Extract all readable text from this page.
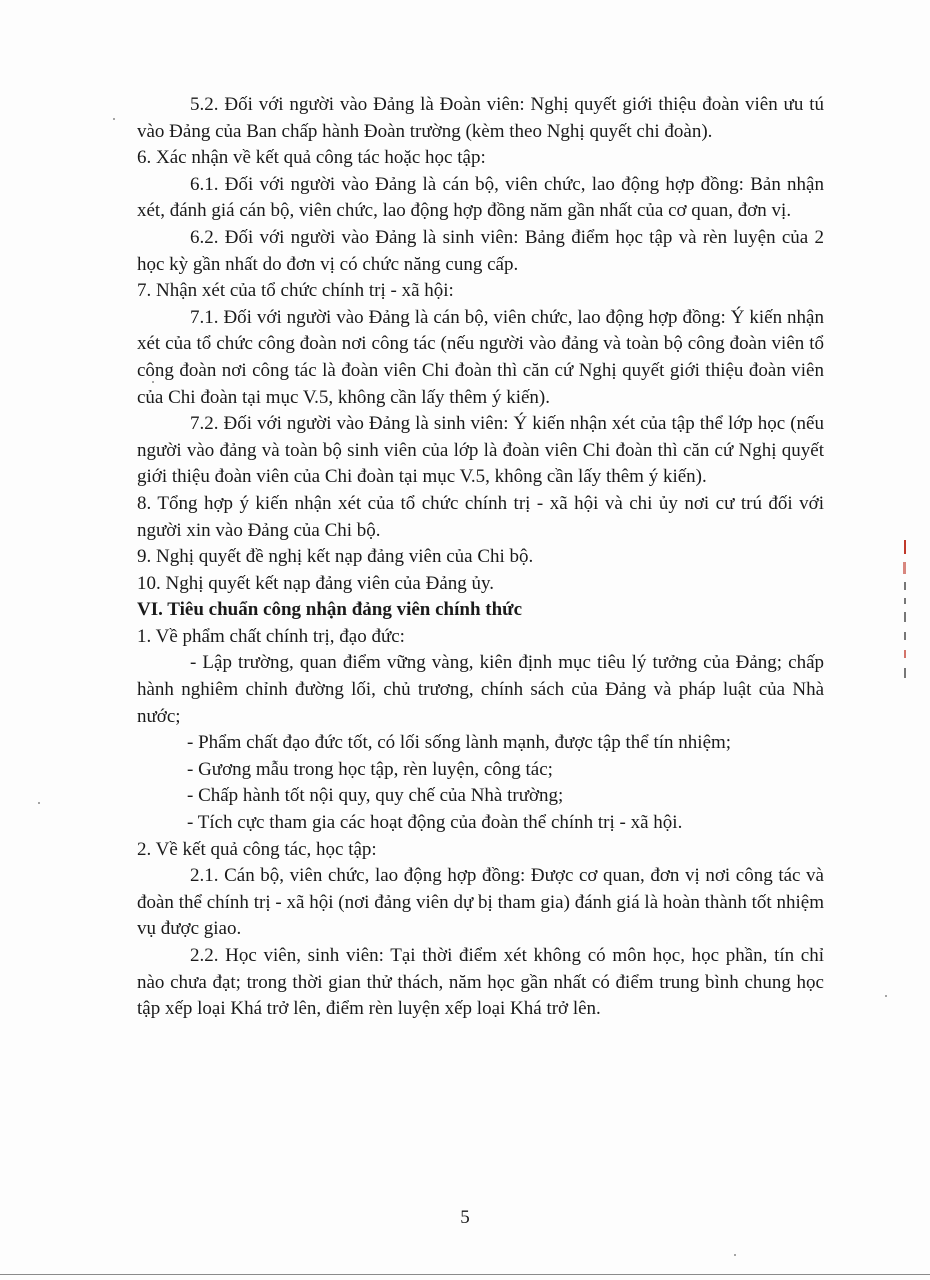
5.2. Đối với người vào Đảng là Đoàn viên: Nghị quyết giới thiệu đoàn viên ưu tú vào Đảng của Ban chấp hành Đoàn trường (kèm theo Nghị quyết chi đoàn).

6. Xác nhận về kết quả công tác hoặc học tập:

6.1. Đối với người vào Đảng là cán bộ, viên chức, lao động hợp đồng: Bản nhận xét, đánh giá cán bộ, viên chức, lao động hợp đồng năm gần nhất của cơ quan, đơn vị.

6.2. Đối với người vào Đảng là sinh viên: Bảng điểm học tập và rèn luyện của 2 học kỳ gần nhất do đơn vị có chức năng cung cấp.

7. Nhận xét của tổ chức chính trị - xã hội:

7.1. Đối với người vào Đảng là cán bộ, viên chức, lao động hợp đồng: Ý kiến nhận xét của tổ chức công đoàn nơi công tác (nếu người vào đảng và toàn bộ công đoàn viên tổ công đoàn nơi công tác là đoàn viên Chi đoàn thì căn cứ Nghị quyết giới thiệu đoàn viên của Chi đoàn tại mục V.5, không cần lấy thêm ý kiến).

7.2. Đối với người vào Đảng là sinh viên: Ý kiến nhận xét của tập thể lớp học (nếu người vào đảng và toàn bộ sinh viên của lớp là đoàn viên Chi đoàn thì căn cứ Nghị quyết giới thiệu đoàn viên của Chi đoàn tại mục V.5, không cần lấy thêm ý kiến).

8. Tổng hợp ý kiến nhận xét của tổ chức chính trị - xã hội và chi ủy nơi cư trú đối với người xin vào Đảng của Chi bộ.

9. Nghị quyết đề nghị kết nạp đảng viên của Chi bộ.

10. Nghị quyết kết nạp đảng viên của Đảng ủy.

VI. Tiêu chuẩn công nhận đảng viên chính thức

1. Về phẩm chất chính trị, đạo đức:

- Lập trường, quan điểm vững vàng, kiên định mục tiêu lý tưởng của Đảng; chấp hành nghiêm chỉnh đường lối, chủ trương, chính sách của Đảng và pháp luật của Nhà nước;

- Phẩm chất đạo đức tốt, có lối sống lành mạnh, được tập thể tín nhiệm;

- Gương mẫu trong học tập, rèn luyện, công tác;

- Chấp hành tốt nội quy, quy chế của Nhà trường;

- Tích cực tham gia các hoạt động của đoàn thể chính trị - xã hội.

2. Về kết quả công tác, học tập:

2.1. Cán bộ, viên chức, lao động hợp đồng: Được cơ quan, đơn vị nơi công tác và đoàn thể chính trị - xã hội (nơi đảng viên dự bị tham gia) đánh giá là hoàn thành tốt nhiệm vụ được giao.

2.2. Học viên, sinh viên: Tại thời điểm xét không có môn học, học phần, tín chỉ nào chưa đạt; trong thời gian thử thách, năm học gần nhất có điểm trung bình chung học tập xếp loại Khá trở lên, điểm rèn luyện xếp loại Khá trở lên.

5
